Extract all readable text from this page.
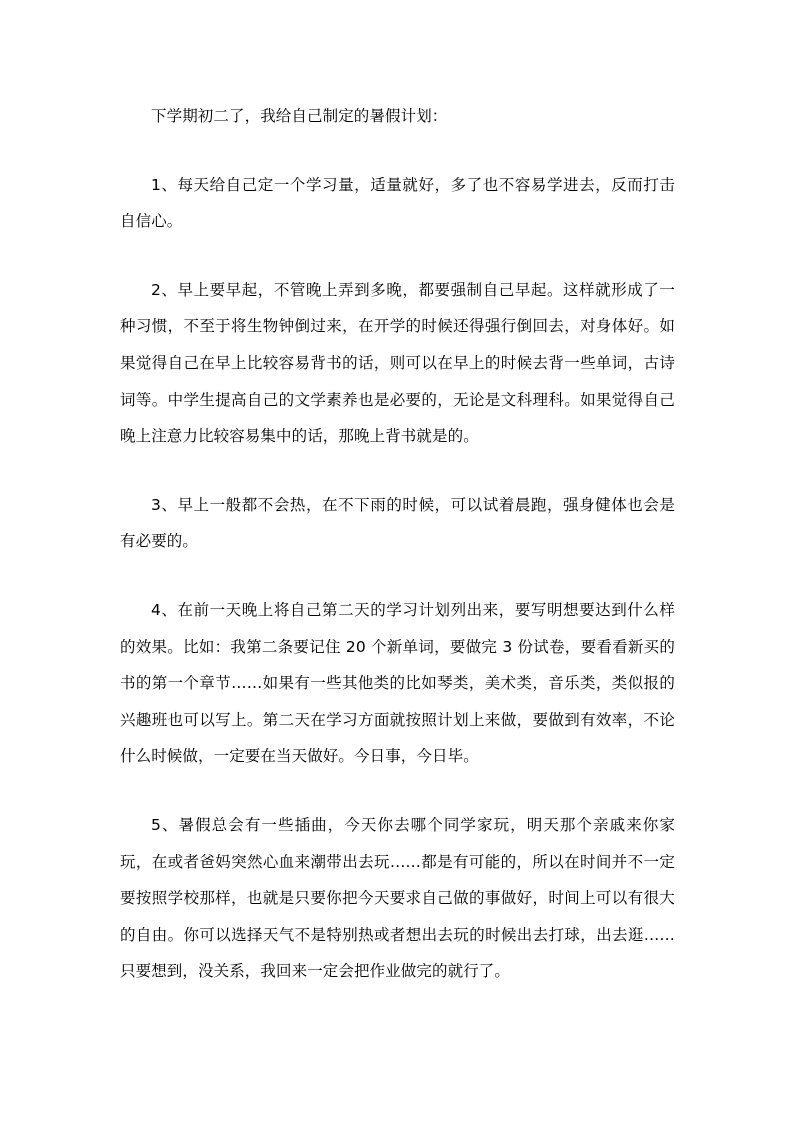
下学期初二了，我给自己制定的暑假计划：

1、每天给自己定一个学习量，适量就好，多了也不容易学进去，反而打击自信心。

2、早上要早起，不管晚上弄到多晚，都要强制自己早起。这样就形成了一种习惯，不至于将生物钟倒过来，在开学的时候还得强行倒回去，对身体好。如果觉得自己在早上比较容易背书的话，则可以在早上的时候去背一些单词，古诗词等。中学生提高自己的文学素养也是必要的，无论是文科理科。如果觉得自己晚上注意力比较容易集中的话，那晚上背书就是的。

3、早上一般都不会热，在不下雨的时候，可以试着晨跑，强身健体也会是有必要的。

4、在前一天晚上将自己第二天的学习计划列出来，要写明想要达到什么样的效果。比如：我第二条要记住 20 个新单词，要做完 3 份试卷，要看看新买的书的第一个章节……如果有一些其他类的比如琴类，美术类，音乐类，类似报的兴趣班也可以写上。第二天在学习方面就按照计划上来做，要做到有效率，不论什么时候做，一定要在当天做好。今日事，今日毕。

5、暑假总会有一些插曲，今天你去哪个同学家玩，明天那个亲戚来你家玩，在或者爸妈突然心血来潮带出去玩……都是有可能的，所以在时间并不一定要按照学校那样，也就是只要你把今天要求自己做的事做好，时间上可以有很大的自由。你可以选择天气不是特别热或者想出去玩的时候出去打球，出去逛……只要想到，没关系，我回来一定会把作业做完的就行了。
